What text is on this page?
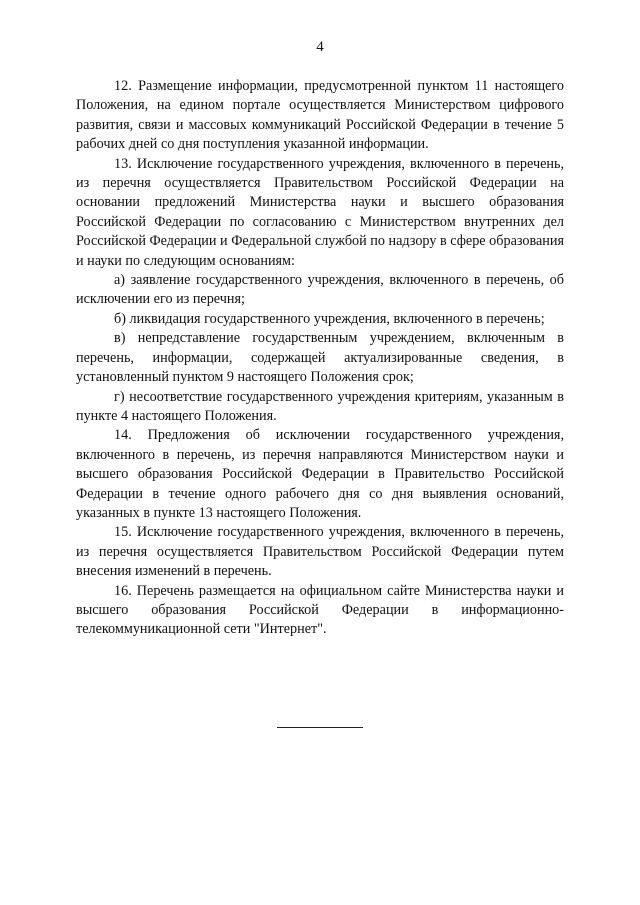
4

12. Размещение информации, предусмотренной пунктом 11 настоящего Положения, на едином портале осуществляется Министерством цифрового развития, связи и массовых коммуникаций Российской Федерации в течение 5 рабочих дней со дня поступления указанной информации.

13. Исключение государственного учреждения, включенного в перечень, из перечня осуществляется Правительством Российской Федерации на основании предложений Министерства науки и высшего образования Российской Федерации по согласованию с Министерством внутренних дел Российской Федерации и Федеральной службой по надзору в сфере образования и науки по следующим основаниям:

а) заявление государственного учреждения, включенного в перечень, об исключении его из перечня;

б) ликвидация государственного учреждения, включенного в перечень;

в) непредставление государственным учреждением, включенным в перечень, информации, содержащей актуализированные сведения, в установленный пунктом 9 настоящего Положения срок;

г) несоответствие государственного учреждения критериям, указанным в пункте 4 настоящего Положения.

14. Предложения об исключении государственного учреждения, включенного в перечень, из перечня направляются Министерством науки и высшего образования Российской Федерации в Правительство Российской Федерации в течение одного рабочего дня со дня выявления оснований, указанных в пункте 13 настоящего Положения.

15. Исключение государственного учреждения, включенного в перечень, из перечня осуществляется Правительством Российской Федерации путем внесения изменений в перечень.

16. Перечень размещается на официальном сайте Министерства науки и высшего образования Российской Федерации в информационно-телекоммуникационной сети "Интернет".
